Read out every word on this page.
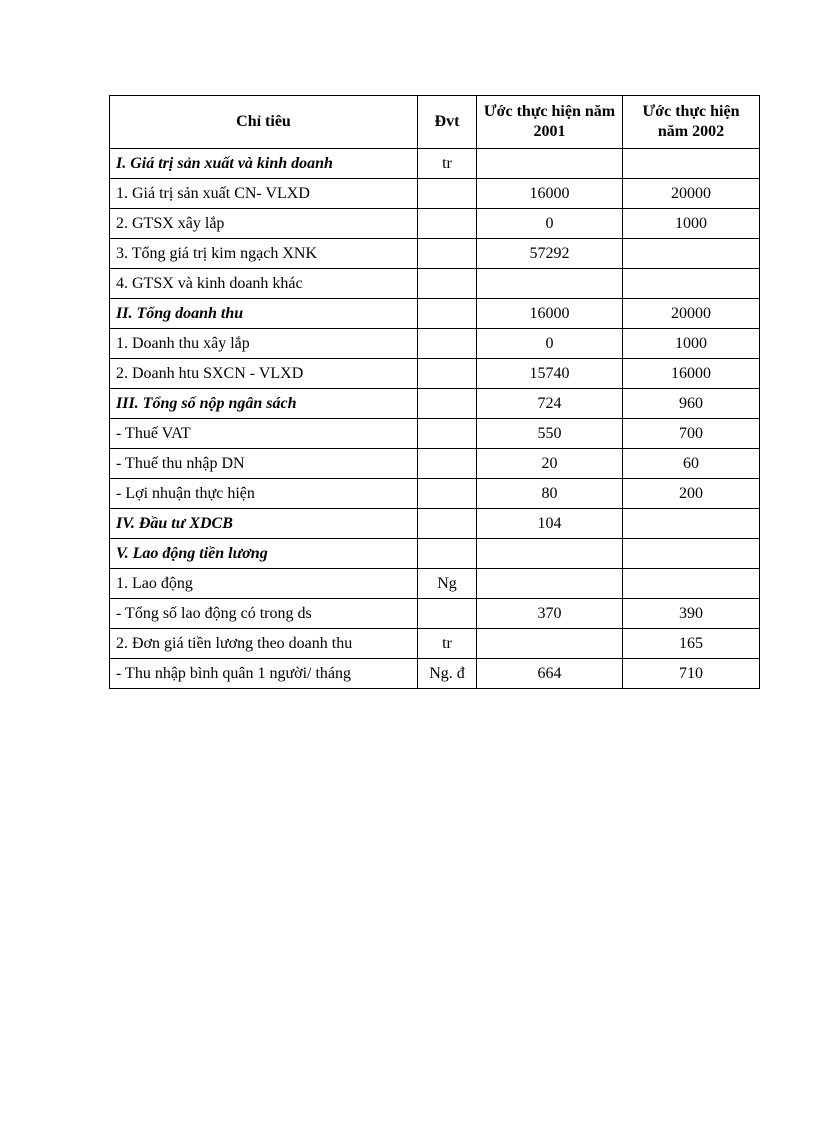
Chỉ tiêu	Đvt	Ước thực hiện năm 2001	Ước thực hiện năm 2002
I. Giá trị sản xuất và kinh doanh	tr		
1. Giá trị sản xuất CN- VLXD		16000	20000
2. GTSX xây lắp		0	1000
3. Tổng giá trị kim ngạch XNK		57292	
4. GTSX và kinh doanh khác			
II. Tổng doanh thu		16000	20000
1. Doanh thu xây lắp		0	1000
2. Doanh htu SXCN - VLXD		15740	16000
III. Tổng số nộp ngân sách		724	960
- Thuế VAT		550	700
- Thuế thu nhập DN		20	60
- Lợi nhuận thực hiện		80	200
IV. Đầu tư XDCB		104	
V. Lao động tiền lương			
1. Lao động	Ng		
- Tổng số lao động có trong ds		370	390
2. Đơn giá tiền lương theo doanh thu	tr		165
- Thu nhập bình quân 1 người/ tháng	Ng. đ	664	710
